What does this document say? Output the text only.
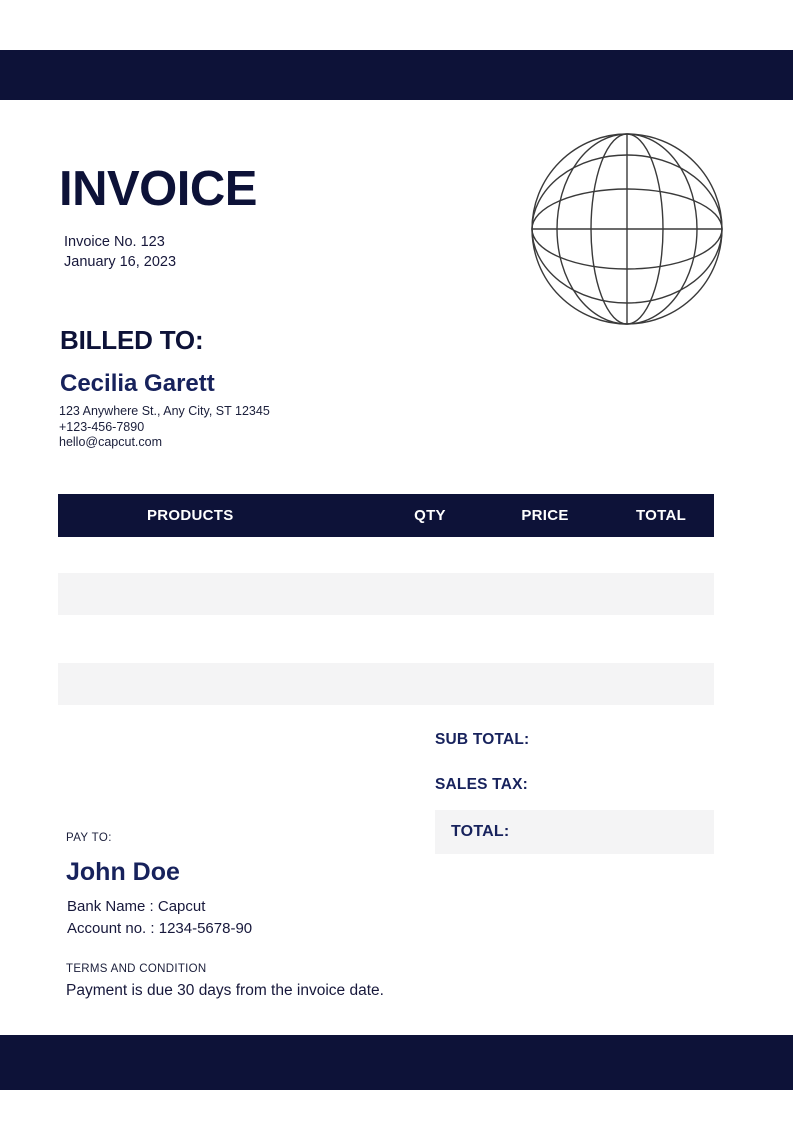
INVOICE
Invoice No. 123
January 16, 2023
BILLED TO:
Cecilia Garett
123 Anywhere St., Any City, ST 12345
+123-456-7890
hello@capcut.com
PRODUCTS	QTY	PRICE	TOTAL
SUB TOTAL:
SALES TAX:
TOTAL:
PAY TO:
John Doe
Bank Name : Capcut
Account no. : 1234-5678-90
TERMS AND CONDITION
Payment is due 30 days from the invoice date.
